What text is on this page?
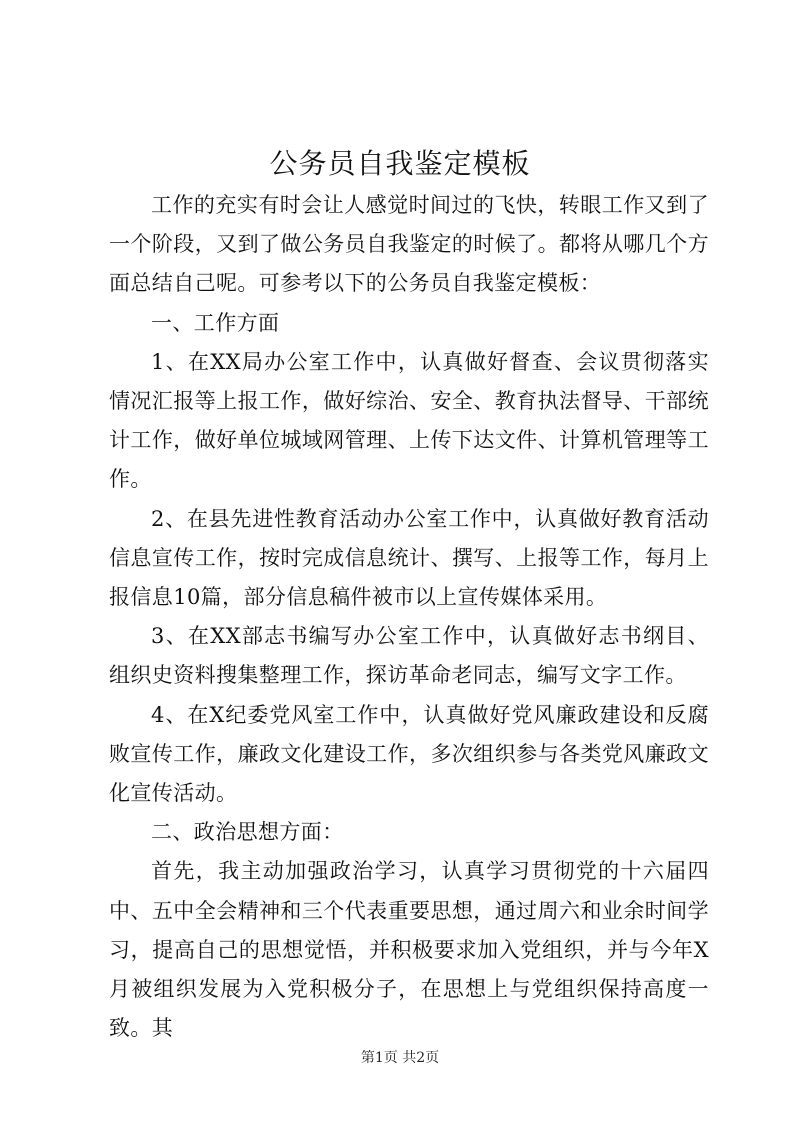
公务员自我鉴定模板

工作的充实有时会让人感觉时间过的飞快，转眼工作又到了一个阶段，又到了做公务员自我鉴定的时候了。都将从哪几个方面总结自己呢。可参考以下的公务员自我鉴定模板：

一、工作方面

1、在XX局办公室工作中，认真做好督查、会议贯彻落实情况汇报等上报工作，做好综治、安全、教育执法督导、干部统计工作，做好单位城域网管理、上传下达文件、计算机管理等工作。

2、在县先进性教育活动办公室工作中，认真做好教育活动信息宣传工作，按时完成信息统计、撰写、上报等工作，每月上报信息10篇，部分信息稿件被市以上宣传媒体采用。

3、在XX部志书编写办公室工作中，认真做好志书纲目、组织史资料搜集整理工作，探访革命老同志，编写文字工作。

4、在X纪委党风室工作中，认真做好党风廉政建设和反腐败宣传工作，廉政文化建设工作，多次组织参与各类党风廉政文化宣传活动。

二、政治思想方面：

首先，我主动加强政治学习，认真学习贯彻党的十六届四中、五中全会精神和三个代表重要思想，通过周六和业余时间学习，提高自己的思想觉悟，并积极要求加入党组织，并与今年X月被组织发展为入党积极分子，在思想上与党组织保持高度一致。其

第1页 共2页
